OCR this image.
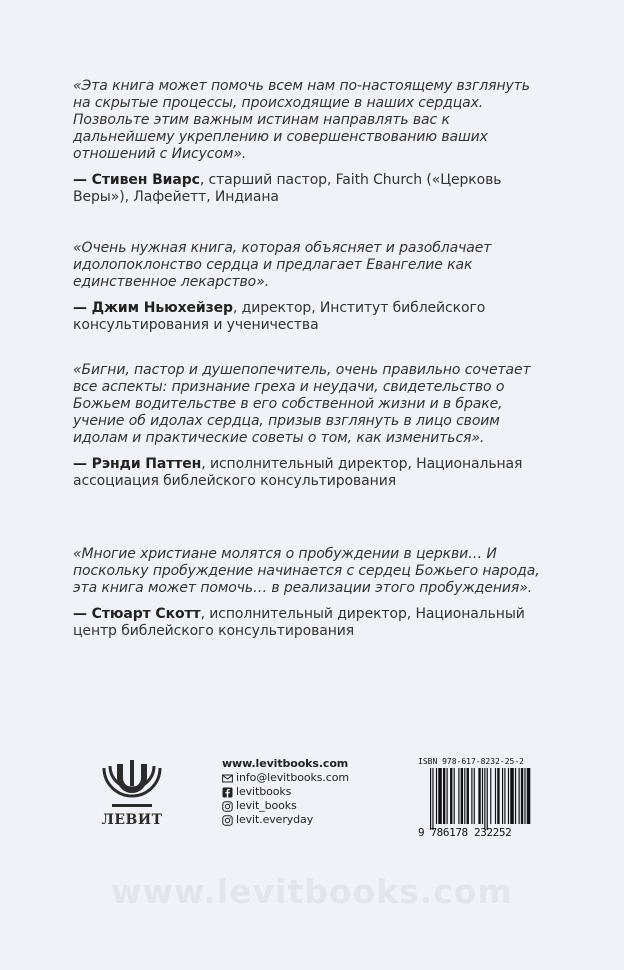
«Эта книга может помочь всем нам по-настоящему взглянуть на скрытые процессы, происходящие в наших сердцах. Позвольте этим важным истинам направлять вас к дальнейшему укреплению и совершенствованию ваших отношений с Иисусом».

— Стивен Виарс, старший пастор, Faith Church («Церковь Веры»), Лафейетт, Индиана

«Очень нужная книга, которая объясняет и разоблачает идолопоклонство сердца и предлагает Евангелие как единственное лекарство».

— Джим Ньюхейзер, директор, Институт библейского консультирования и ученичества

«Бигни, пастор и душепопечитель, очень правильно сочетает все аспекты: признание греха и неудачи, свидетельство о Божьем водительстве в его собственной жизни и в браке, учение об идолах сердца, призыв взглянуть в лицо своим идолам и практические советы о том, как измениться».

— Рэнди Паттен, исполнительный директор, Национальная ассоциация библейского консультирования

«Многие христиане молятся о пробуждении в церкви… И поскольку пробуждение начинается с сердец Божьего народа, эта книга может помочь… в реализации этого пробуждения».

— Стюарт Скотт, исполнительный директор, Национальный центр библейского консультирования

ЛЕВИТ
www.levitbooks.com
info@levitbooks.com
levitbooks
levit_books
levit.everyday
ISBN 978-617-8232-25-2
9 786178 232252
www.levitbooks.com
